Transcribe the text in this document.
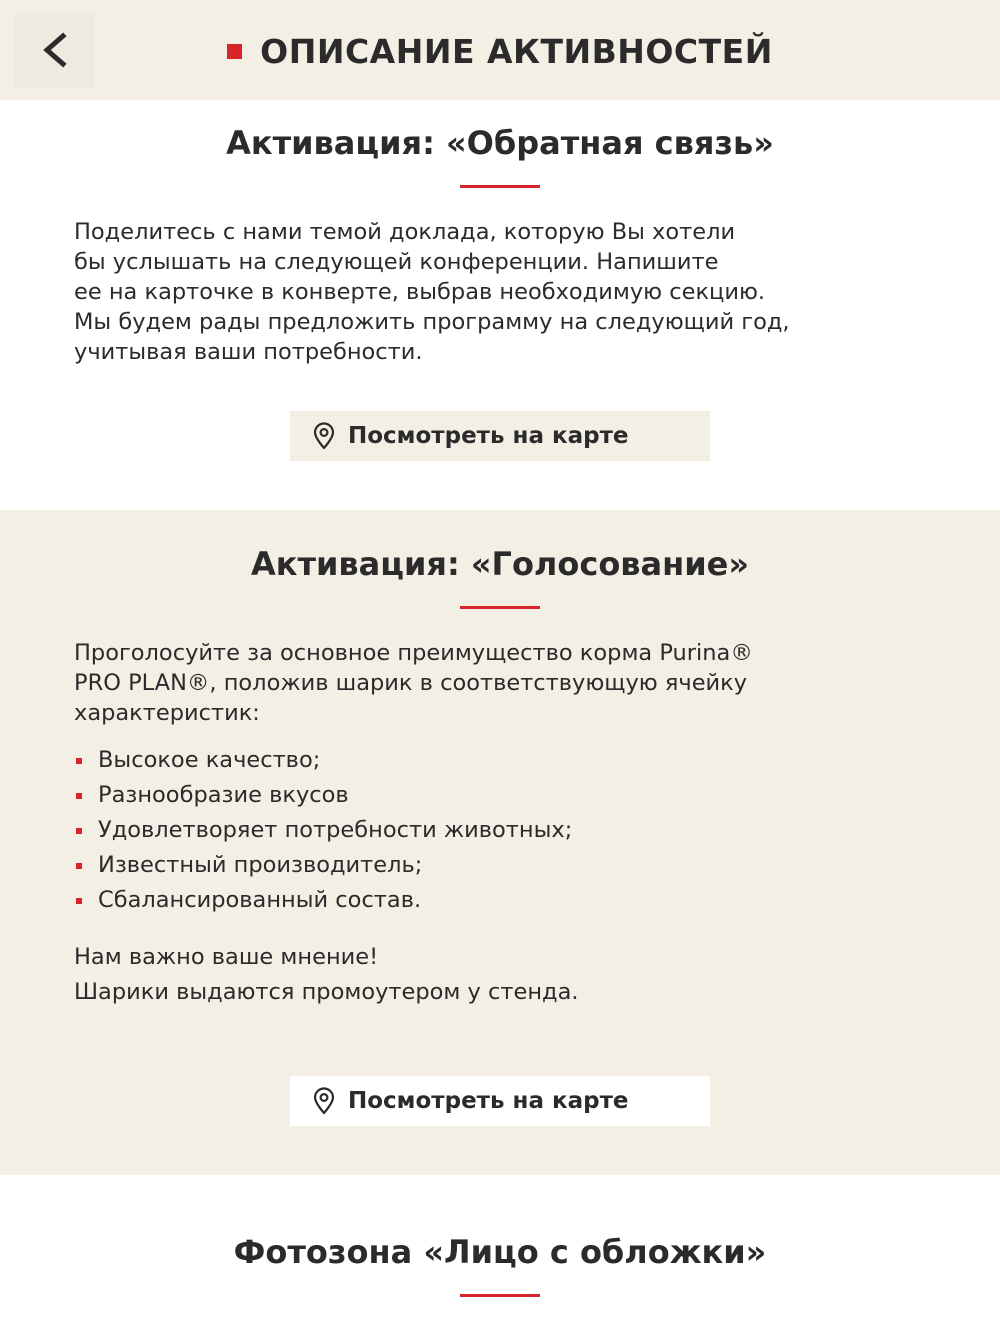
ОПИСАНИЕ АКТИВНОСТЕЙ
Активация: «Обратная связь»
Поделитесь с нами темой доклада, которую Вы хотели
бы услышать на следующей конференции. Напишите
ее на карточке в конверте, выбрав необходимую секцию.
Мы будем рады предложить программу на следующий год,
учитывая ваши потребности.
Посмотреть на карте
Активация: «Голосование»
Проголосуйте за основное преимущество корма Purina®
PRO PLAN®, положив шарик в соответствующую ячейку
характеристик:
Высокое качество;
Разнообразие вкусов
Удовлетворяет потребности животных;
Известный производитель;
Сбалансированный состав.
Нам важно ваше мнение!
Шарики выдаются промоутером у стенда.
Посмотреть на карте
Фотозона «Лицо с обложки»
